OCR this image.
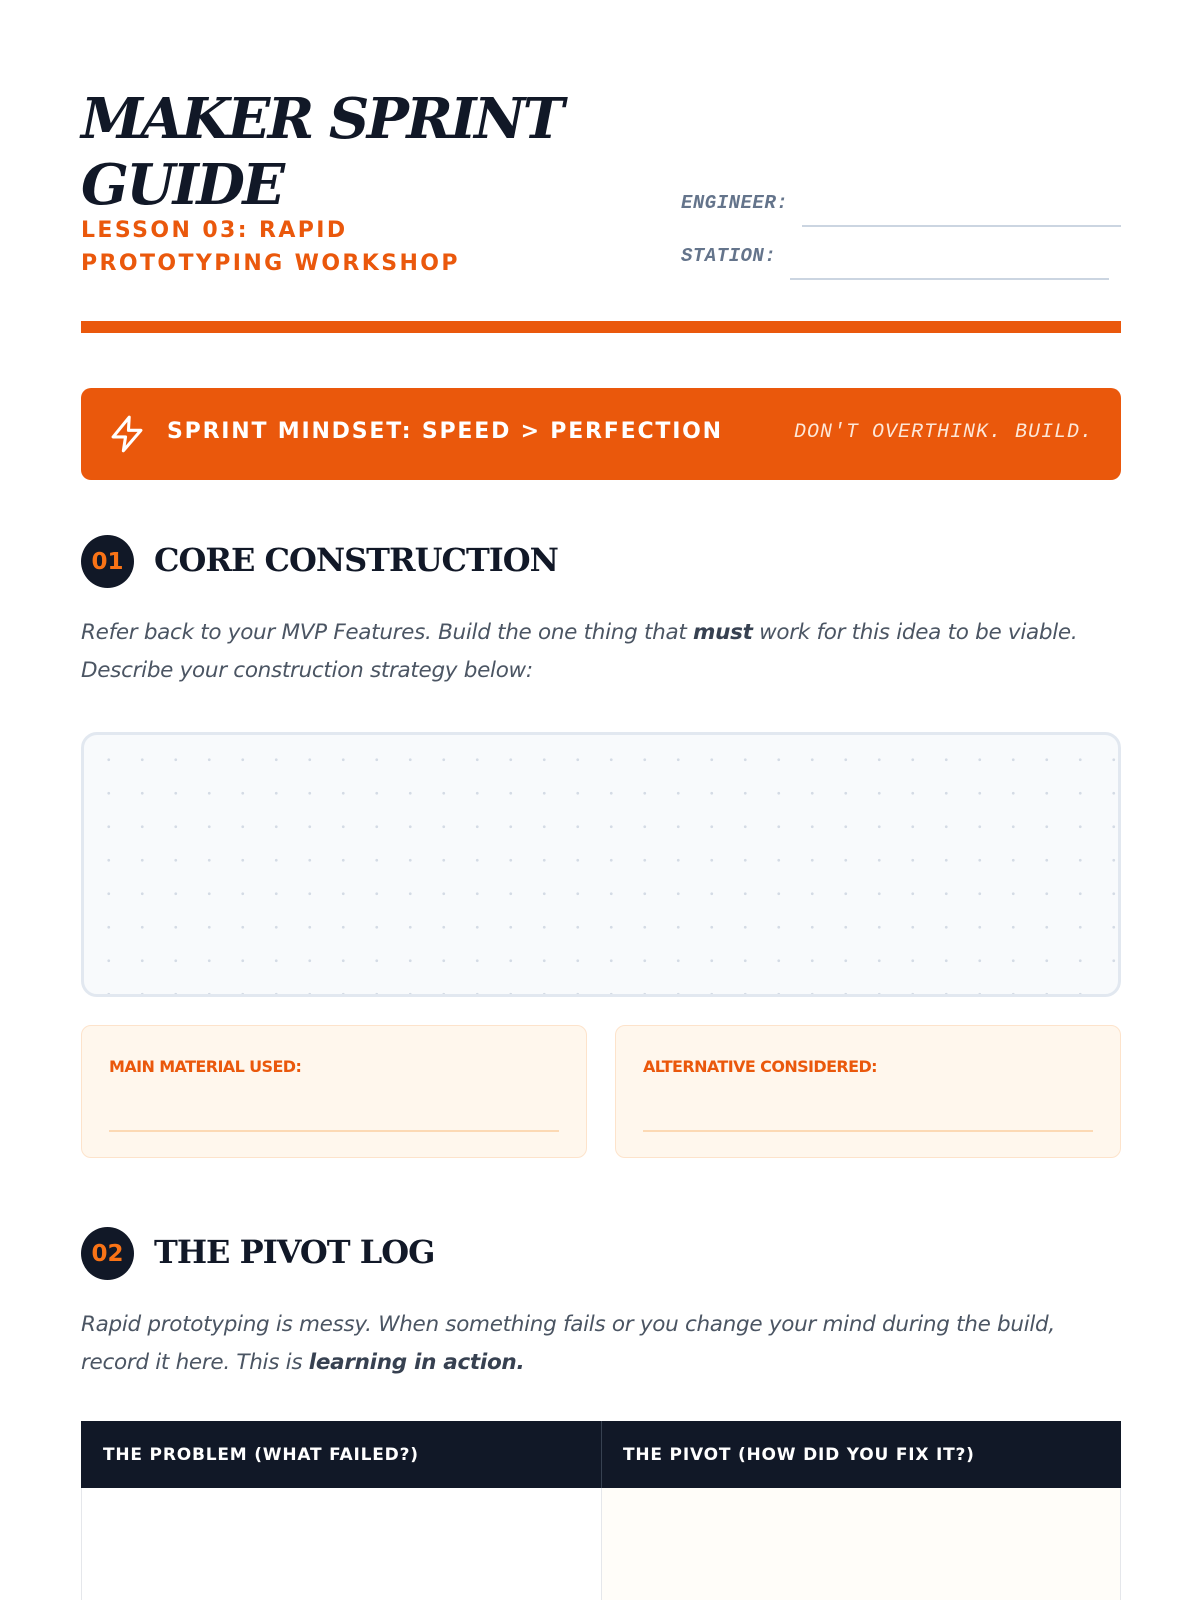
MAKER SPRINT GUIDE
LESSON 03: RAPID PROTOTYPING WORKSHOP
ENGINEER:
STATION:
SPRINT MINDSET: SPEED > PERFECTION	DON'T OVERTHINK. BUILD.
01 CORE CONSTRUCTION

Refer back to your MVP Features. Build the one thing that must work for this idea to be viable. Describe your construction strategy below:

MAIN MATERIAL USED:	ALTERNATIVE CONSIDERED:
02 THE PIVOT LOG

Rapid prototyping is messy. When something fails or you change your mind during the build, record it here. This is learning in action.

THE PROBLEM (WHAT FAILED?)	THE PIVOT (HOW DID YOU FIX IT?)
